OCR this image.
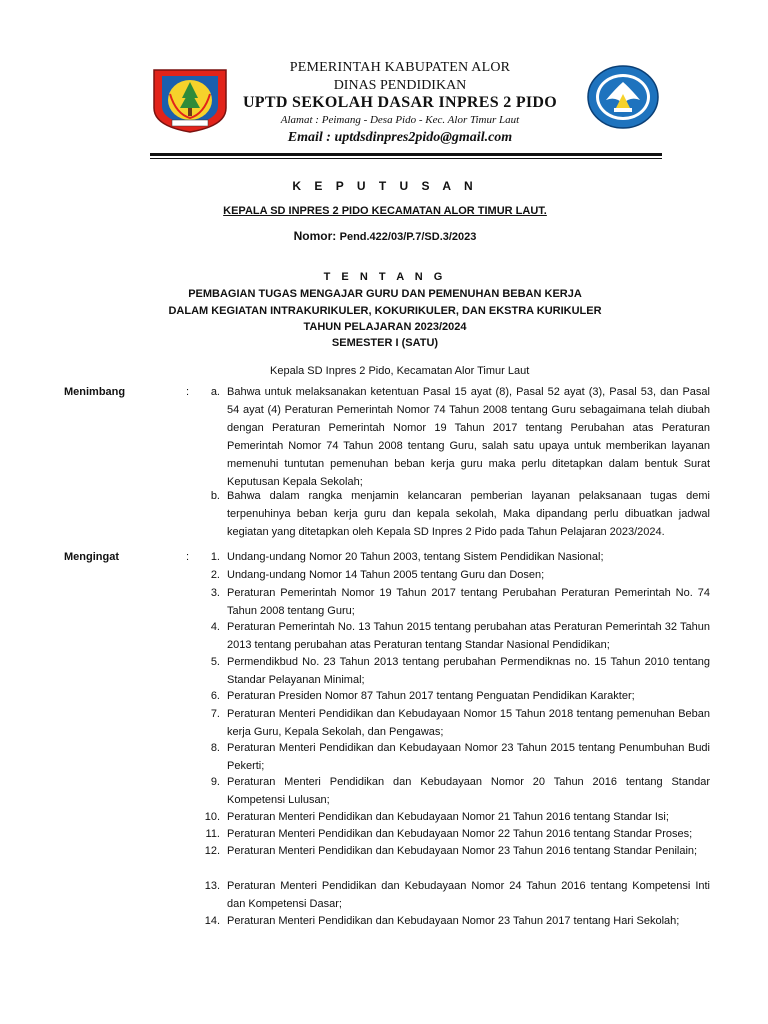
PEMERINTAH KABUPATEN ALOR
DINAS PENDIDIKAN
UPTD SEKOLAH DASAR INPRES 2 PIDO
Alamat : Peimang - Desa Pido - Kec. Alor Timur Laut
Email : uptdsdinpres2pido@gmail.com
K E P U T U S A N
KEPALA SD INPRES 2 PIDO KECAMATAN ALOR TIMUR LAUT.
Nomor: Pend.422/03/P.7/SD.3/2023
T E N T A N G
PEMBAGIAN TUGAS MENGAJAR GURU DAN PEMENUHAN BEBAN KERJA
DALAM KEGIATAN INTRAKURIKULER, KOKURIKULER, DAN EKSTRA KURIKULER
TAHUN PELAJARAN 2023/2024
SEMESTER I (SATU)
Kepala SD Inpres 2 Pido, Kecamatan Alor Timur Laut
Menimbang	:	a. Bahwa untuk melaksanakan ketentuan Pasal 15 ayat (8), Pasal 52 ayat (3), Pasal 53, dan Pasal 54 ayat (4) Peraturan Pemerintah Nomor 74 Tahun 2008 tentang Guru sebagaimana telah diubah dengan Peraturan Pemerintah Nomor 19 Tahun 2017 tentang Perubahan atas Peraturan Pemerintah Nomor 74 Tahun 2008 tentang Guru, salah satu upaya untuk memberikan layanan memenuhi tuntutan pemenuhan beban kerja guru maka perlu ditetapkan dalam bentuk Surat Keputusan Kepala Sekolah;
b. Bahwa dalam rangka menjamin kelancaran pemberian layanan pelaksanaan tugas demi terpenuhinya beban kerja guru dan kepala sekolah, Maka dipandang perlu dibuatkan jadwal kegiatan yang ditetapkan oleh Kepala SD Inpres 2 Pido pada Tahun Pelajaran 2023/2024.
Mengingat	:	1. Undang-undang Nomor 20 Tahun 2003, tentang Sistem Pendidikan Nasional;
2. Undang-undang Nomor 14 Tahun 2005 tentang Guru dan Dosen;
3. Peraturan Pemerintah Nomor 19 Tahun 2017 tentang Perubahan Peraturan Pemerintah No. 74 Tahun 2008 tentang Guru;
4. Peraturan Pemerintah No. 13 Tahun 2015 tentang perubahan atas Peraturan Pemerintah 32 Tahun 2013 tentang perubahan atas Peraturan tentang Standar Nasional Pendidikan;
5. Permendikbud No. 23 Tahun 2013 tentang perubahan Permendiknas no. 15 Tahun 2010 tentang Standar Pelayanan Minimal;
6. Peraturan Presiden Nomor 87 Tahun 2017 tentang Penguatan Pendidikan Karakter;
7. Peraturan Menteri Pendidikan dan Kebudayaan Nomor 15 Tahun 2018 tentang pemenuhan Beban kerja Guru, Kepala Sekolah, dan Pengawas;
8. Peraturan Menteri Pendidikan dan Kebudayaan Nomor 23 Tahun 2015 tentang Penumbuhan Budi Pekerti;
9. Peraturan Menteri Pendidikan dan Kebudayaan Nomor 20 Tahun 2016 tentang Standar Kompetensi Lulusan;
10. Peraturan Menteri Pendidikan dan Kebudayaan Nomor 21 Tahun 2016 tentang Standar Isi;
11. Peraturan Menteri Pendidikan dan Kebudayaan Nomor 22 Tahun 2016 tentang Standar Proses;
12. Peraturan Menteri Pendidikan dan Kebudayaan Nomor 23 Tahun 2016 tentang Standar Penilain;
13. Peraturan Menteri Pendidikan dan Kebudayaan Nomor 24 Tahun 2016 tentang Kompetensi Inti dan Kompetensi Dasar;
14. Peraturan Menteri Pendidikan dan Kebudayaan Nomor 23 Tahun 2017 tentang Hari Sekolah;
